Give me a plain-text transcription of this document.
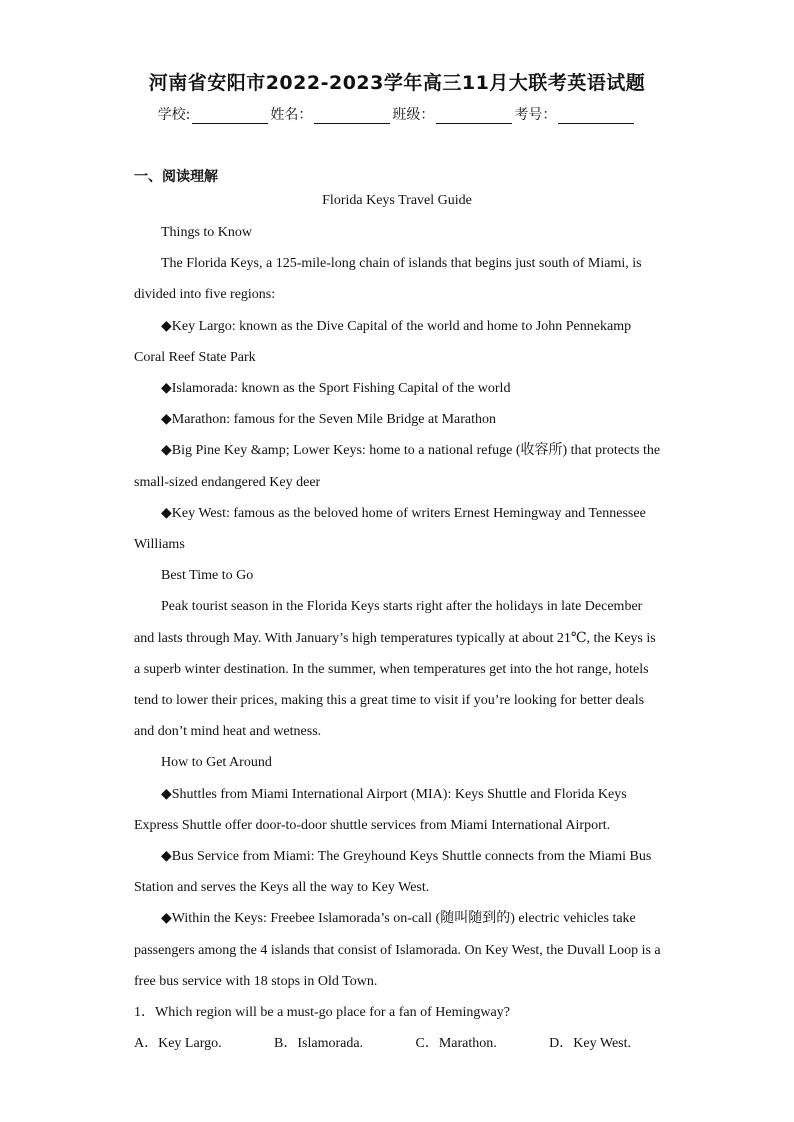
河南省安阳市2022-2023学年高三11月大联考英语试题
学校:	姓名：	班级：	考号：
一、阅读理解
Florida Keys Travel Guide

Things to Know

The Florida Keys, a 125-mile-long chain of islands that begins just south of Miami, is divided into five regions:

◆Key Largo: known as the Dive Capital of the world and home to John Pennekamp Coral Reef State Park

◆Islamorada: known as the Sport Fishing Capital of the world

◆Marathon: famous for the Seven Mile Bridge at Marathon

◆Big Pine Key &amp; Lower Keys: home to a national refuge (收容所) that protects the small-sized endangered Key deer

◆Key West: famous as the beloved home of writers Ernest Hemingway and Tennessee Williams

Best Time to Go

Peak tourist season in the Florida Keys starts right after the holidays in late December and lasts through May. With January’s high temperatures typically at about 21℃, the Keys is a superb winter destination. In the summer, when temperatures get into the hot range, hotels tend to lower their prices, making this a great time to visit if you’re looking for better deals and don’t mind heat and wetness.

How to Get Around

◆Shuttles from Miami International Airport (MIA): Keys Shuttle and Florida Keys Express Shuttle offer door-to-door shuttle services from Miami International Airport.

◆Bus Service from Miami: The Greyhound Keys Shuttle connects from the Miami Bus Station and serves the Keys all the way to Key West.

◆Within the Keys: Freebee Islamorada’s on-call (随叫随到的) electric vehicles take passengers among the 4 islands that consist of Islamorada. On Key West, the Duvall Loop is a free bus service with 18 stops in Old Town.

1．Which region will be a must-go place for a fan of Hemingway?

A．Key Largo.	B．Islamorada.	C．Marathon.	D．Key West.
